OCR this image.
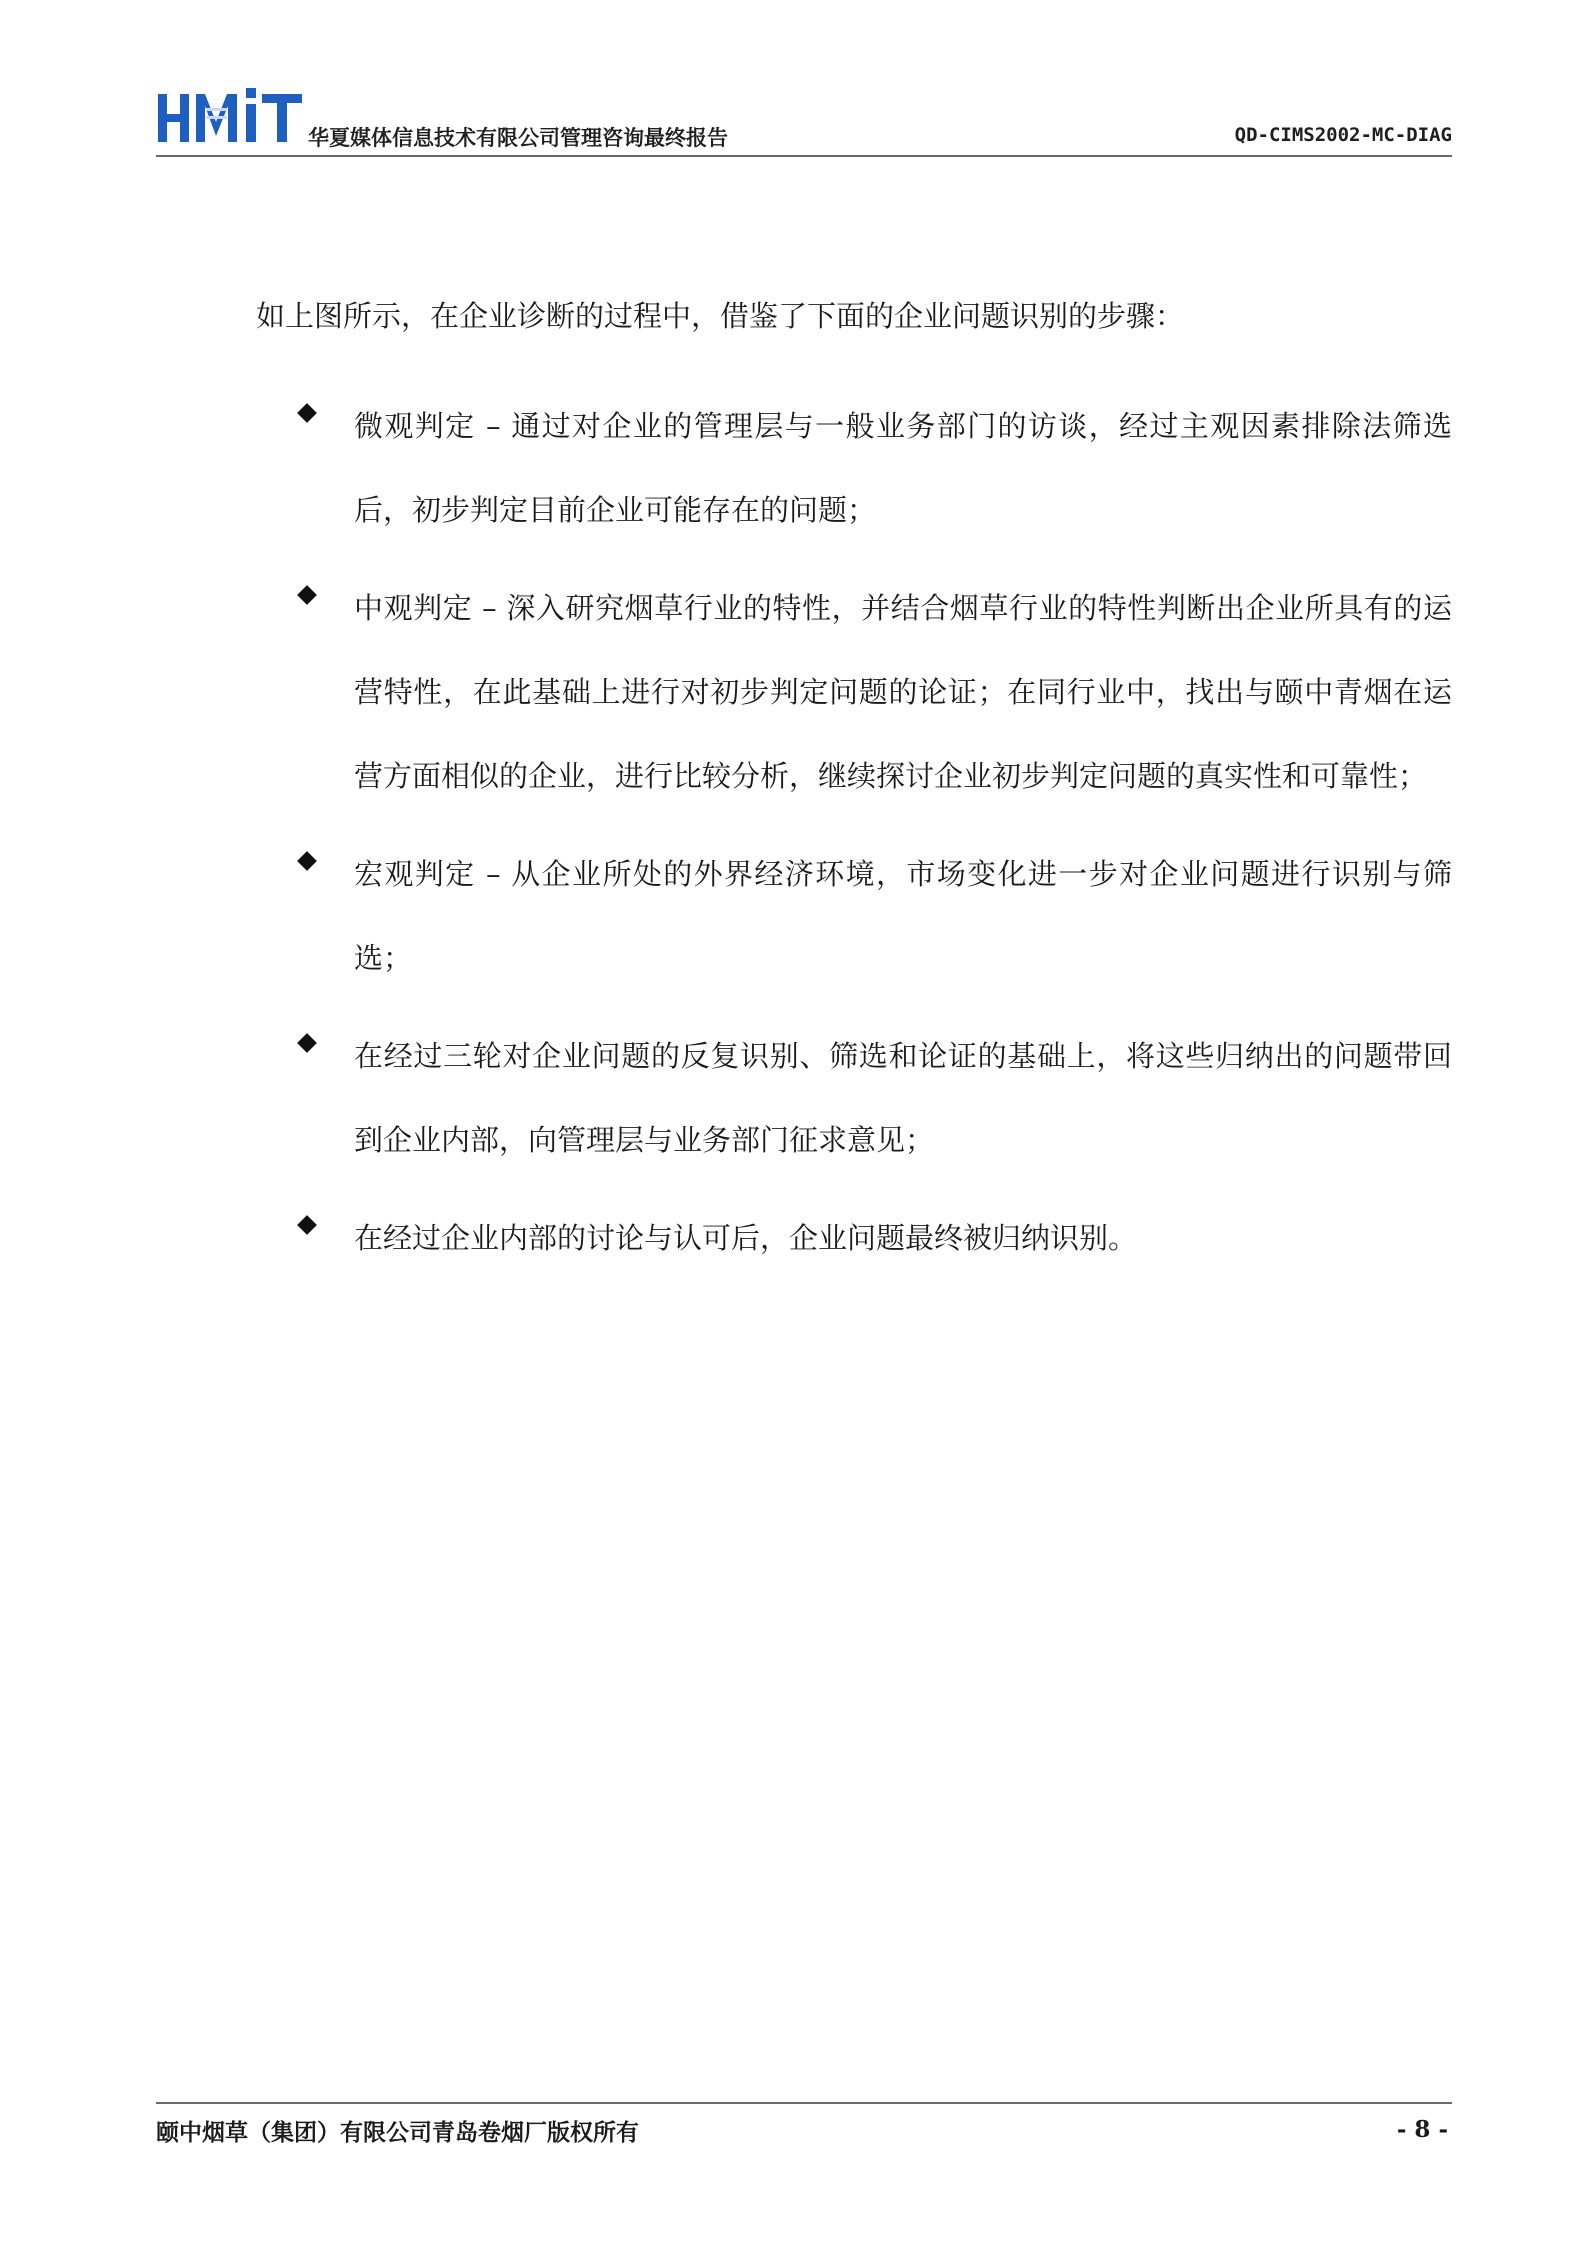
华夏媒体信息技术有限公司管理咨询最终报告	QD-CIMS2002-MC-DIAG
如上图所示，在企业诊断的过程中，借鉴了下面的企业问题识别的步骤：
微观判定 – 通过对企业的管理层与一般业务部门的访谈，经过主观因素排除法筛选后，初步判定目前企业可能存在的问题；
中观判定 – 深入研究烟草行业的特性，并结合烟草行业的特性判断出企业所具有的运营特性，在此基础上进行对初步判定问题的论证；在同行业中，找出与颐中青烟在运营方面相似的企业，进行比较分析，继续探讨企业初步判定问题的真实性和可靠性；
宏观判定 – 从企业所处的外界经济环境，市场变化进一步对企业问题进行识别与筛选；
在经过三轮对企业问题的反复识别、筛选和论证的基础上，将这些归纳出的问题带回到企业内部，向管理层与业务部门征求意见；
在经过企业内部的讨论与认可后，企业问题最终被归纳识别。
颐中烟草（集团）有限公司青岛卷烟厂版权所有	- 8 -
